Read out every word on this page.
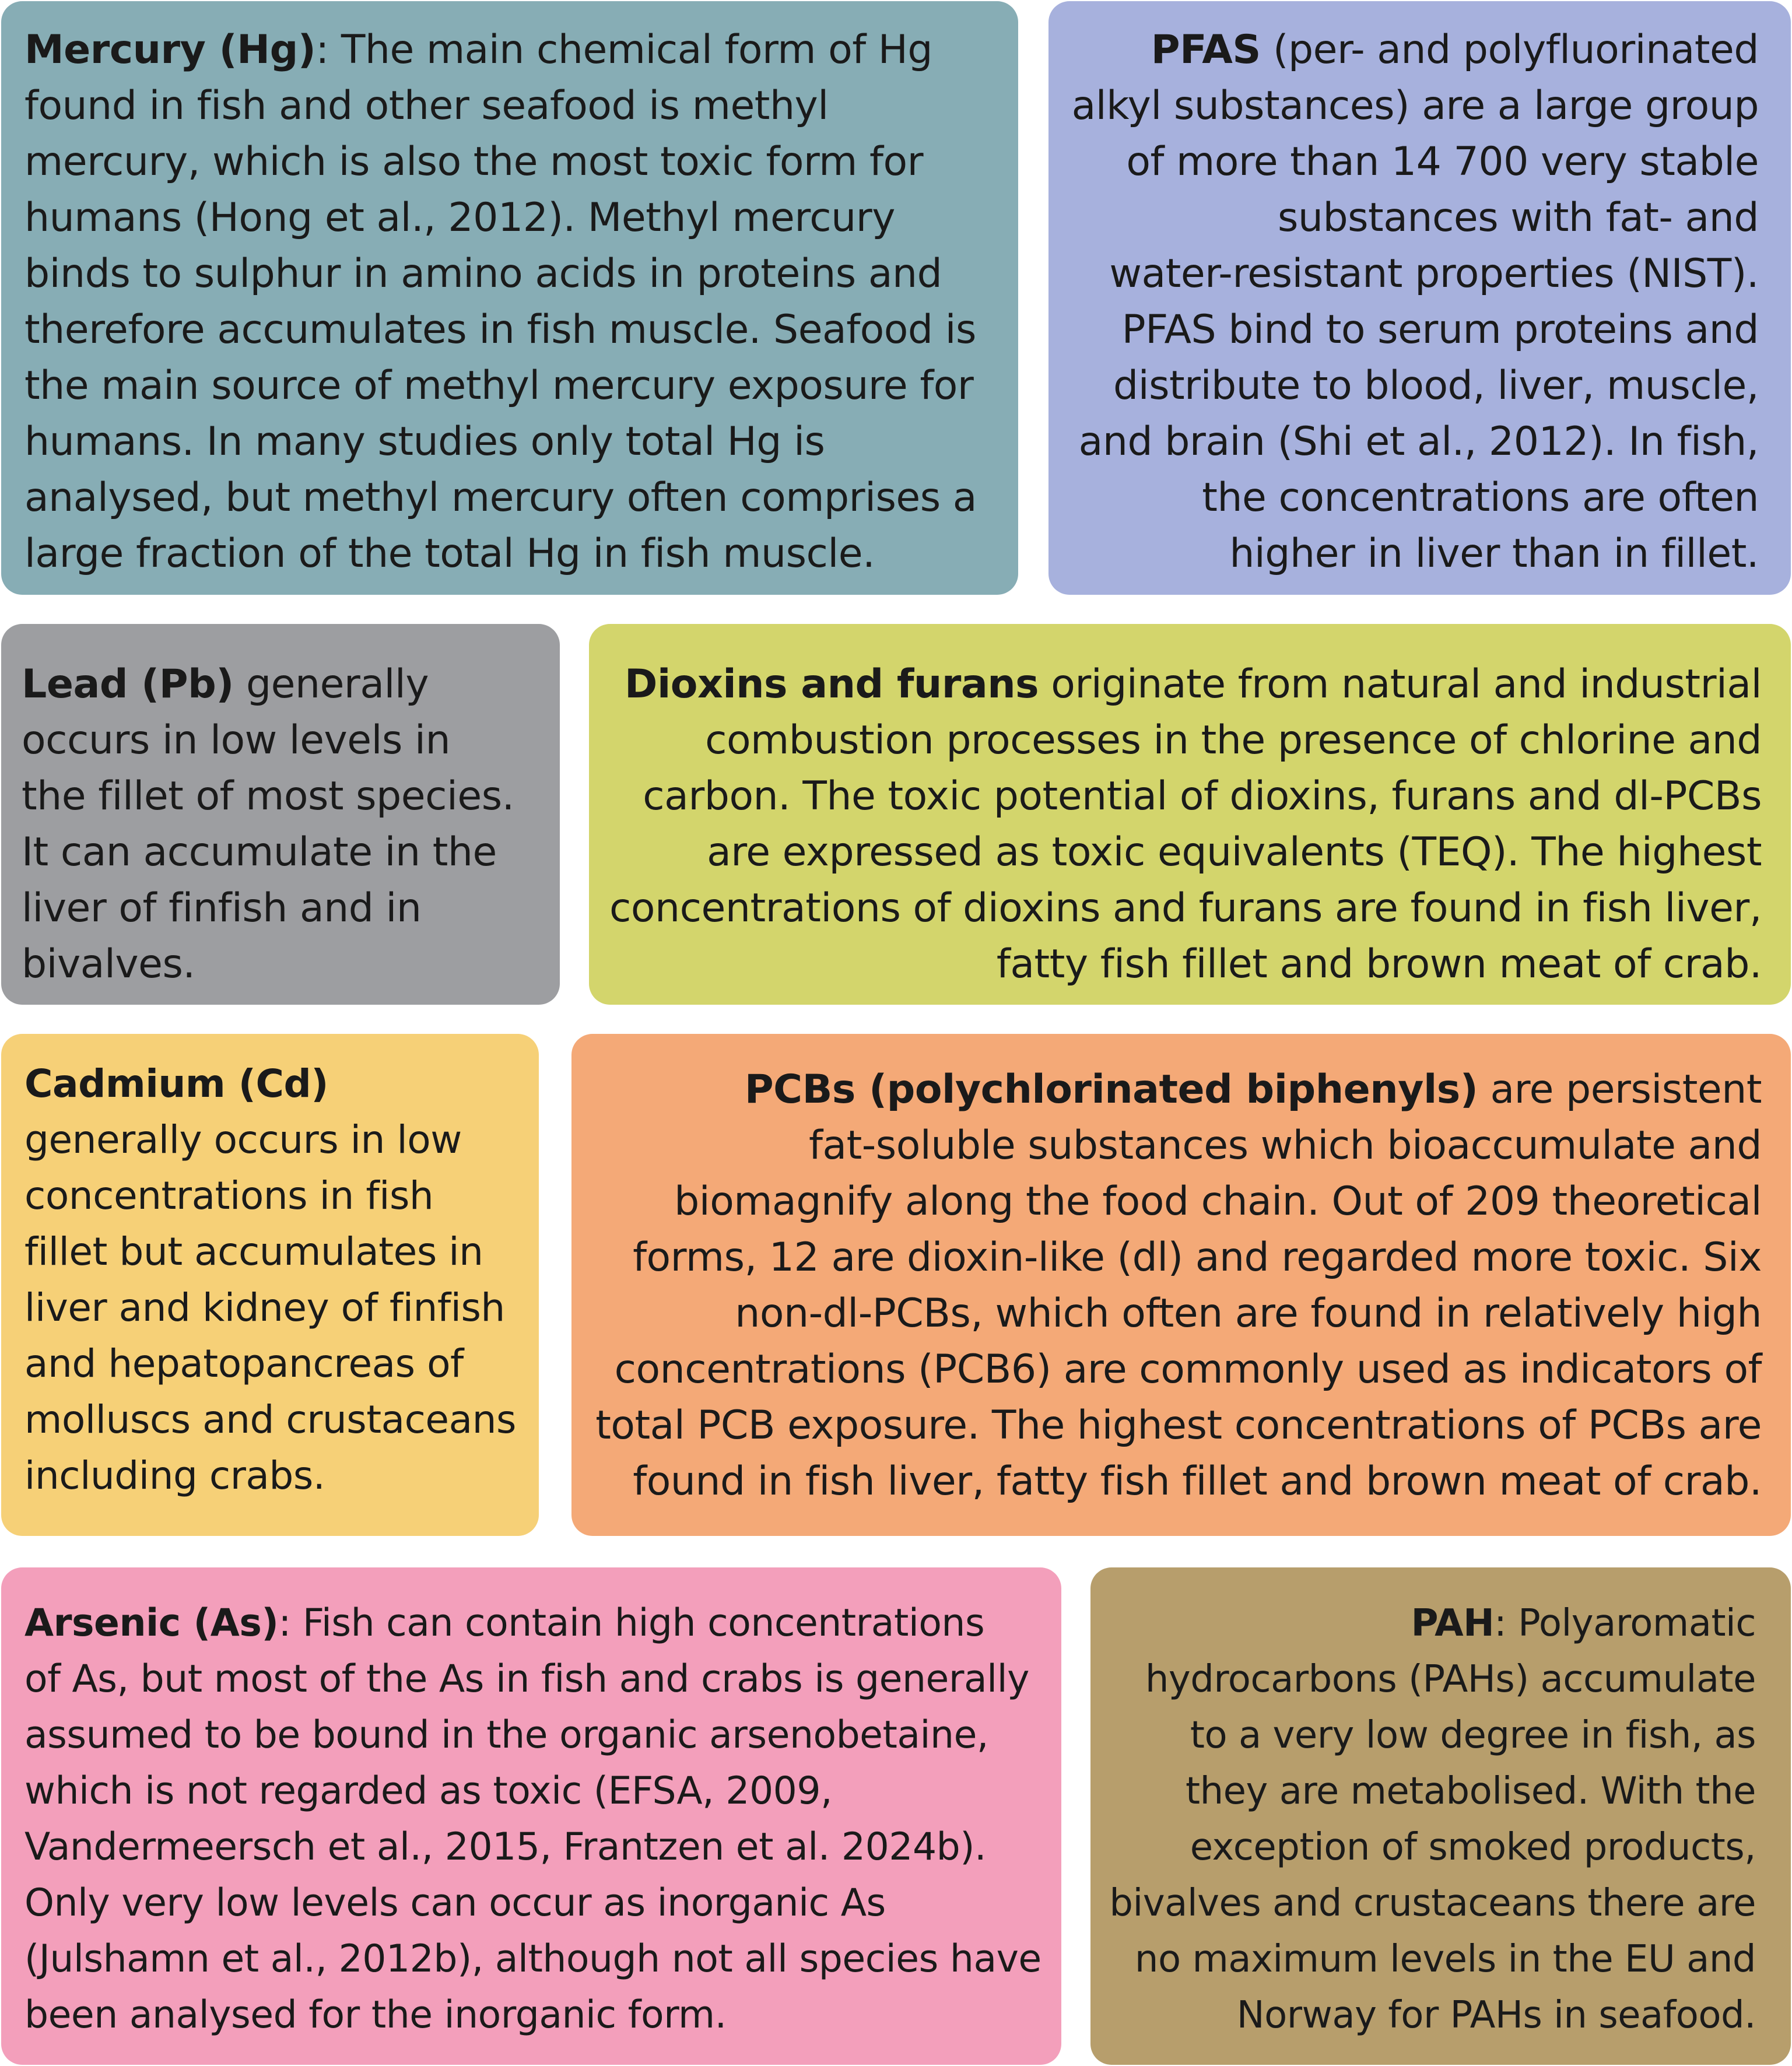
Mercury (Hg): The main chemical form of Hg
found in fish and other seafood is methyl
mercury, which is also the most toxic form for
humans (Hong et al., 2012). Methyl mercury
binds to sulphur in amino acids in proteins and
therefore accumulates in fish muscle. Seafood is
the main source of methyl mercury exposure for
humans. In many studies only total Hg is
analysed, but methyl mercury often comprises a
large fraction of the total Hg in fish muscle.
PFAS (per- and polyfluorinated
alkyl substances) are a large group
of more than 14 700 very stable
substances with fat- and
water-resistant properties (NIST).
PFAS bind to serum proteins and
distribute to blood, liver, muscle,
and brain (Shi et al., 2012). In fish,
the concentrations are often
higher in liver than in fillet.
Lead (Pb) generally
occurs in low levels in
the fillet of most species.
It can accumulate in the
liver of finfish and in
bivalves.
Dioxins and furans originate from natural and industrial
combustion processes in the presence of chlorine and
carbon. The toxic potential of dioxins, furans and dl-PCBs
are expressed as toxic equivalents (TEQ). The highest
concentrations of dioxins and furans are found in fish liver,
fatty fish fillet and brown meat of crab.
Cadmium (Cd)
generally occurs in low
concentrations in fish
fillet but accumulates in
liver and kidney of finfish
and hepatopancreas of
molluscs and crustaceans
including crabs.
PCBs (polychlorinated biphenyls) are persistent
fat-soluble substances which bioaccumulate and
biomagnify along the food chain. Out of 209 theoretical
forms, 12 are dioxin-like (dl) and regarded more toxic. Six
non-dl-PCBs, which often are found in relatively high
concentrations (PCB6) are commonly used as indicators of
total PCB exposure. The highest concentrations of PCBs are
found in fish liver, fatty fish fillet and brown meat of crab.
Arsenic (As): Fish can contain high concentrations
of As, but most of the As in fish and crabs is generally
assumed to be bound in the organic arsenobetaine,
which is not regarded as toxic (EFSA, 2009,
Vandermeersch et al., 2015, Frantzen et al. 2024b).
Only very low levels can occur as inorganic As
(Julshamn et al., 2012b), although not all species have
been analysed for the inorganic form.
PAH: Polyaromatic
hydrocarbons (PAHs) accumulate
to a very low degree in fish, as
they are metabolised. With the
exception of smoked products,
bivalves and crustaceans there are
no maximum levels in the EU and
Norway for PAHs in seafood.
